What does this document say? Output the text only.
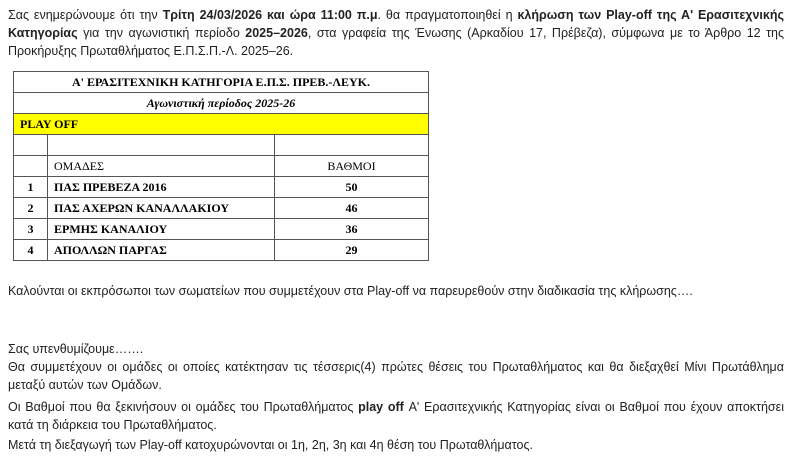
Σας ενημερώνουμε ότι την Τρίτη 24/03/2026 και ώρα 11:00 π.μ. θα πραγματοποιηθεί η κλήρωση των Play-off της Α' Ερασιτεχνικής Κατηγορίας για την αγωνιστική περίοδο 2025–2026, στα γραφεία της Ένωσης (Αρκαδίου 17, Πρέβεζα), σύμφωνα με το Άρθρο 12 της Προκήρυξης Πρωταθλήματος Ε.Π.Σ.Π.-Λ. 2025–26.

Α' ΕΡΑΣΙΤΕΧΝΙΚΗ ΚΑΤΗΓΟΡΙΑ Ε.Π.Σ. ΠΡΕΒ.-ΛΕΥΚ.		
Αγωνιστική περίοδος 2025-26		
PLAY OFF		

	ΟΜΑΔΕΣ	ΒΑΘΜΟΙ
1	ΠΑΣ ΠΡΕΒΕΖΑ 2016	50
2	ΠΑΣ ΑΧΕΡΩΝ ΚΑΝΑΛΛΑΚΙΟΥ	46
3	ΕΡΜΗΣ ΚΑΝΑΛΙΟΥ	36
4	ΑΠΟΛΛΩΝ ΠΑΡΓΑΣ	29

Καλούνται οι εκπρόσωποι των σωματείων που συμμετέχουν στα Play-off να παρευρεθούν στην διαδικασία της κλήρωσης….

Σας υπενθυμίζουμε…….

Θα συμμετέχουν οι ομάδες οι οποίες κατέκτησαν τις τέσσερις(4) πρώτες θέσεις του Πρωταθλήματος και θα διεξαχθεί Μίνι Πρωτάθλημα μεταξύ αυτών των Ομάδων.

Οι Βαθμοί που θα ξεκινήσουν οι ομάδες του Πρωταθλήματος play off Α' Ερασιτεχνικής Κατηγορίας είναι οι Βαθμοί που έχουν αποκτήσει κατά τη διάρκεια του Πρωταθλήματος.

Μετά τη διεξαγωγή των Play-off κατοχυρώνονται οι 1η, 2η, 3η και 4η θέση του Πρωταθλήματος.
